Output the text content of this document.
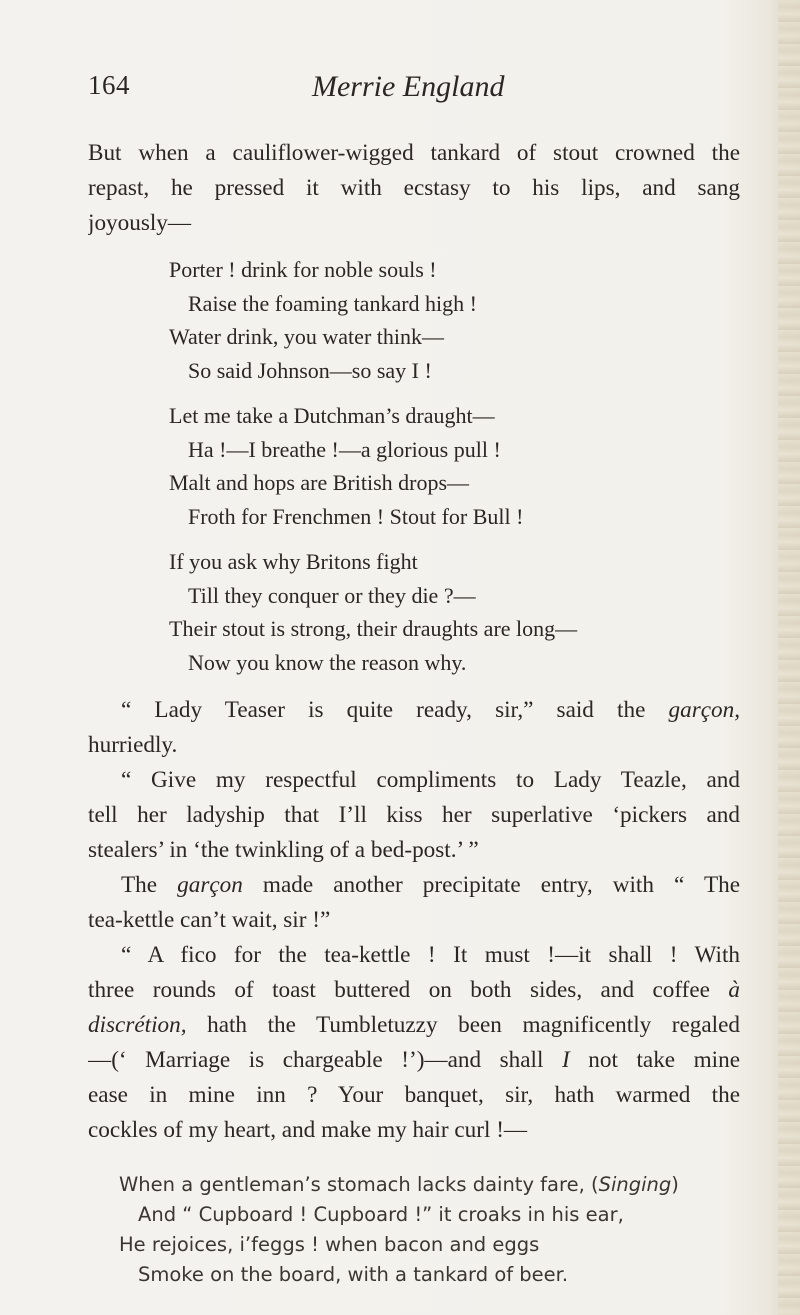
164	Merrie England
But when a cauliflower-wigged tankard of stout crowned the
repast, he pressed it with ecstasy to his lips, and sang
joyously—
Porter ! drink for noble souls !
Raise the foaming tankard high !
Water drink, you water think—
So said Johnson—so say I !
Let me take a Dutchman’s draught—
Ha !—I breathe !—a glorious pull !
Malt and hops are British drops—
Froth for Frenchmen ! Stout for Bull !
If you ask why Britons fight
Till they conquer or they die ?—
Their stout is strong, their draughts are long—
Now you know the reason why.
“ Lady Teaser is quite ready, sir,” said the garçon,
hurriedly.
“ Give my respectful compliments to Lady Teazle, and
tell her ladyship that I’ll kiss her superlative ‘pickers and
stealers’ in ‘the twinkling of a bed-post.’ ”
The garçon made another precipitate entry, with “ The
tea-kettle can’t wait, sir !”
“ A fico for the tea-kettle ! It must !—it shall ! With
three rounds of toast buttered on both sides, and coffee à
discrétion, hath the Tumbletuzzy been magnificently regaled
—(‘ Marriage is chargeable !’)—and shall I not take mine
ease in mine inn ? Your banquet, sir, hath warmed the
cockles of my heart, and make my hair curl !—
When a gentleman’s stomach lacks dainty fare, (Singing)
And “ Cupboard ! Cupboard !” it croaks in his ear,
He rejoices, i’feggs ! when bacon and eggs
Smoke on the board, with a tankard of beer.
